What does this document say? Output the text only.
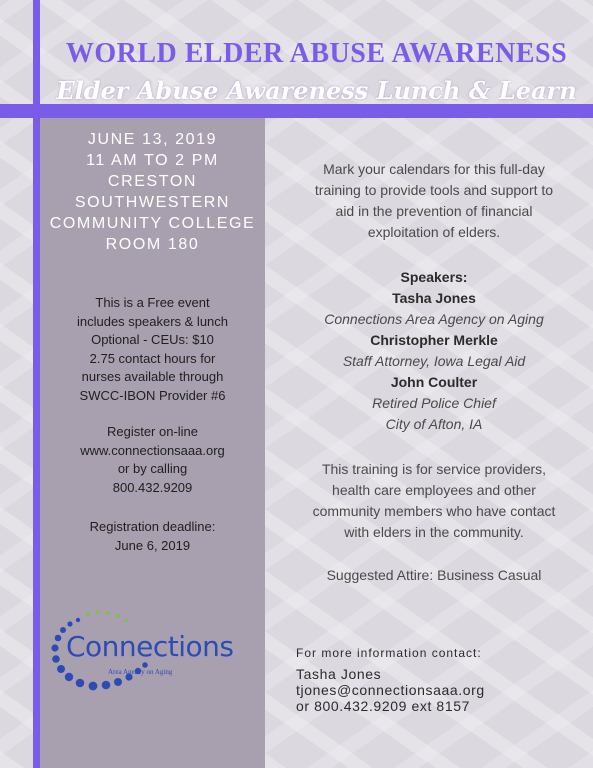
WORLD ELDER ABUSE AWARENESS
Elder Abuse Awareness Lunch & Learn
JUNE 13, 2019
11 AM TO 2 PM
CRESTON
SOUTHWESTERN
COMMUNITY COLLEGE
ROOM 180
This is a Free event
includes speakers & lunch
Optional - CEUs: $10
2.75 contact hours for
nurses available through
SWCC-IBON Provider #6
Register on-line
www.connectionsaaa.org
or by calling
800.432.9209
Registration deadline:
June 6, 2019
Mark your calendars for this full-day
training to provide tools and support to
aid in the prevention of financial
exploitation of elders.
Speakers:
Tasha Jones
Connections Area Agency on Aging
Christopher Merkle
Staff Attorney, Iowa Legal Aid
John Coulter
Retired Police Chief
City of Afton, IA
This training is for service providers,
health care employees and other
community members who have contact
with elders in the community.
Suggested Attire: Business Casual
For more information contact:
Tasha Jones
tjones@connectionsaaa.org
or 800.432.9209 ext 8157
Connections
Area Agency on Aging
